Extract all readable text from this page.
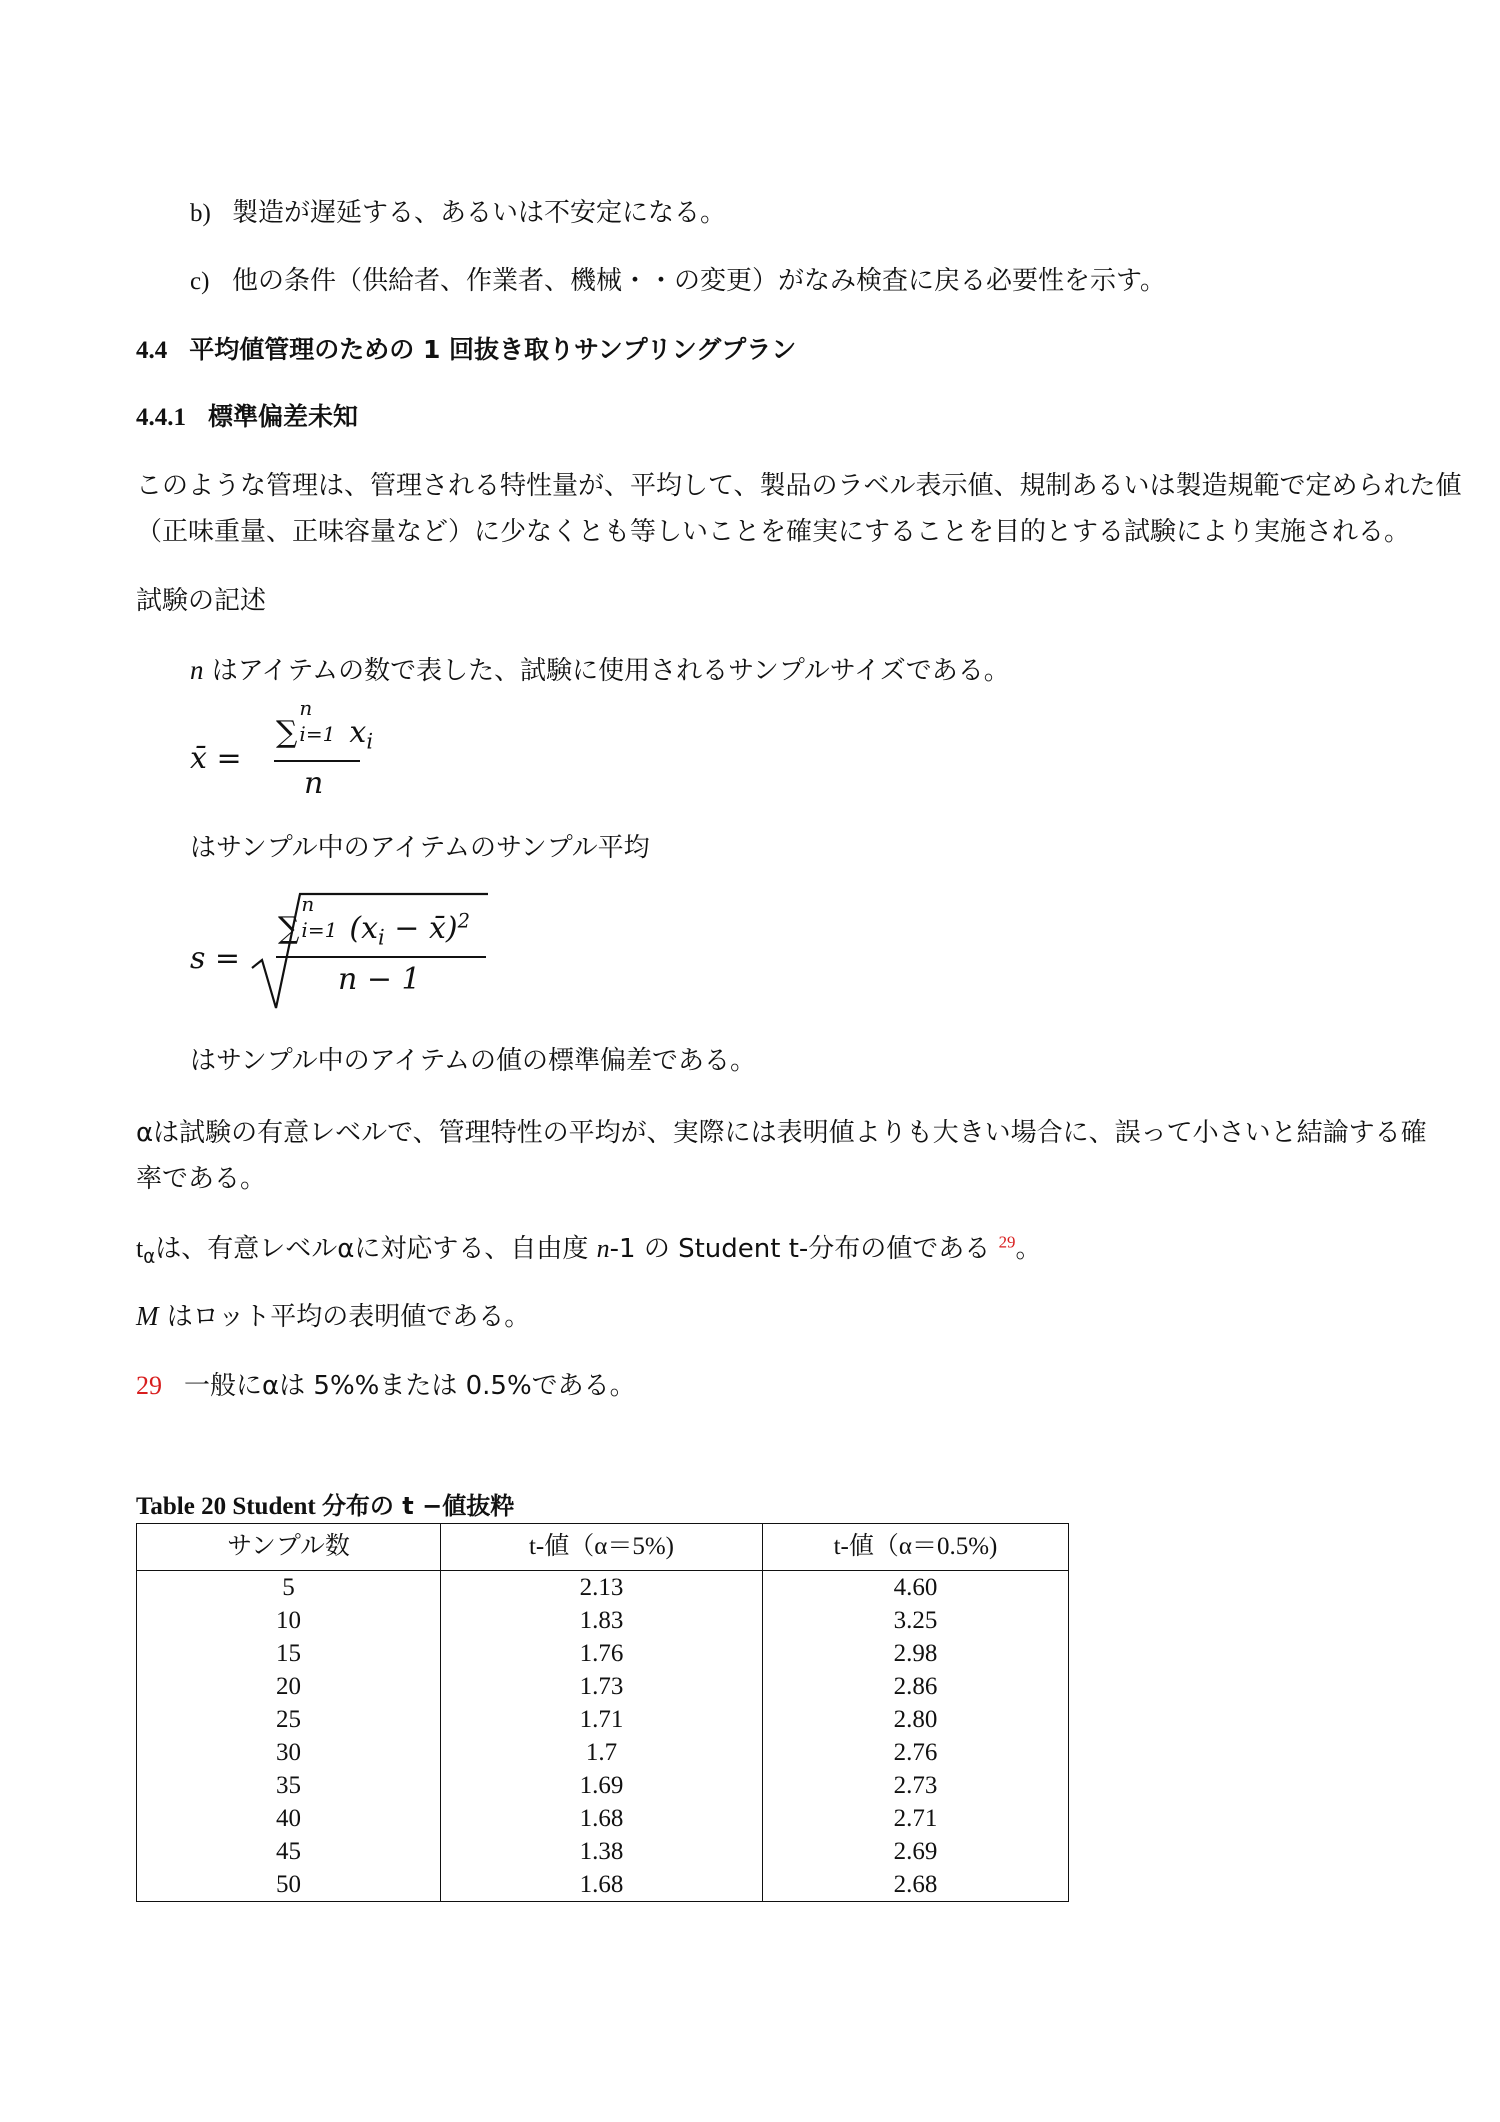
b) 製造が遅延する、あるいは不安定になる。
c) 他の条件（供給者、作業者、機械・・の変更）がなみ検査に戻る必要性を示す。
4.4 平均値管理のための 1 回抜き取りサンプリングプラン
4.4.1 標準偏差未知
このような管理は、管理される特性量が、平均して、製品のラベル表示値、規制あるいは製造規範で定められた値
（正味重量、正味容量など）に少なくとも等しいことを確実にすることを目的とする試験により実施される。
試験の記述
n はアイテムの数で表した、試験に使用されるサンプルサイズである。
x̄ =
∑
n
i=1 $x_i$
n
はサンプル中のアイテムのサンプル平均
s =
∑
n
i=1 ($x_i$ − x̄)$^2$
n − 1
はサンプル中のアイテムの値の標準偏差である。
αは試験の有意レベルで、管理特性の平均が、実際には表明値よりも大きい場合に、誤って小さいと結論する確
率である。
$t_\alpha$は、有意レベルαに対応する、自由度 n-1 の Student t-分布の値である $^{29}$。
M はロット平均の表明値である。
29 一般にαは 5%%または 0.5%である。
Table 20 Student 分布の t −値抜粋
サンプル数	t-値（α＝5%)	t-値（α＝0.5%)
5	2.13	4.60
10	1.83	3.25
15	1.76	2.98
20	1.73	2.86
25	1.71	2.80
30	1.7	2.76
35	1.69	2.73
40	1.68	2.71
45	1.38	2.69
50	1.68	2.68
